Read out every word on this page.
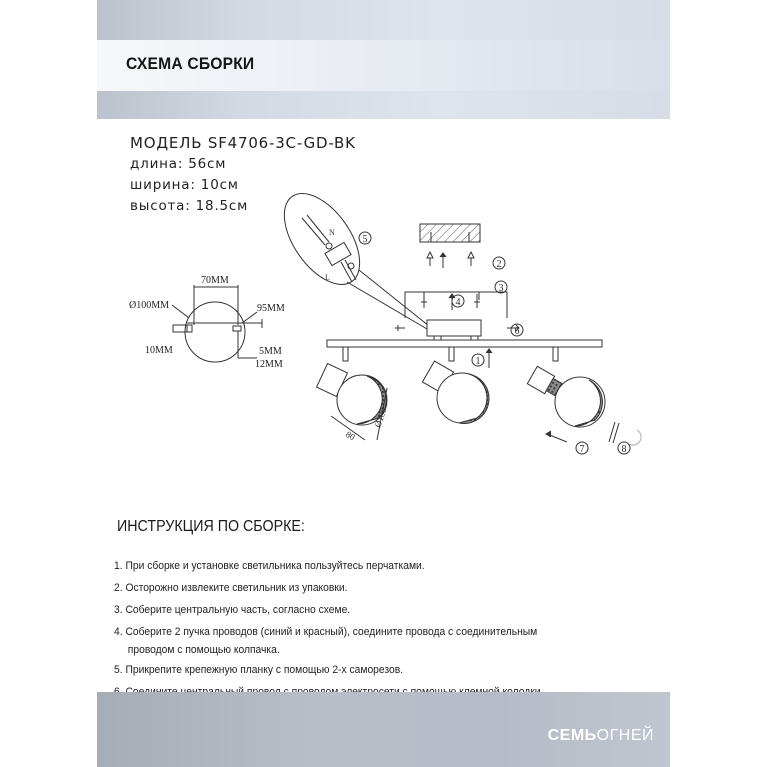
СХЕМА СБОРКИ
МОДЕЛЬ SF4706-3C-GD-BK
длина: 56см
ширина: 10см
высота: 18.5см
70MM
Ø100MM	95MM
10MM	5MM
12MM
N
L
80
Ø100
1
2
3
4
5
6
7	8
ИНСТРУКЦИЯ ПО СБОРКЕ:
1. При сборке и установке светильника пользуйтесь перчатками.
2. Осторожно извлеките светильник из упаковки.
3. Соберите центральную часть, согласно схеме.
4. Соберите 2 пучка проводов (синий и красный), соедините провода с соединительным
проводом с помощью колпачка.
5. Прикрепите крепежную планку с помощью 2-х саморезов.
СЕМЬОГНЕЙ
